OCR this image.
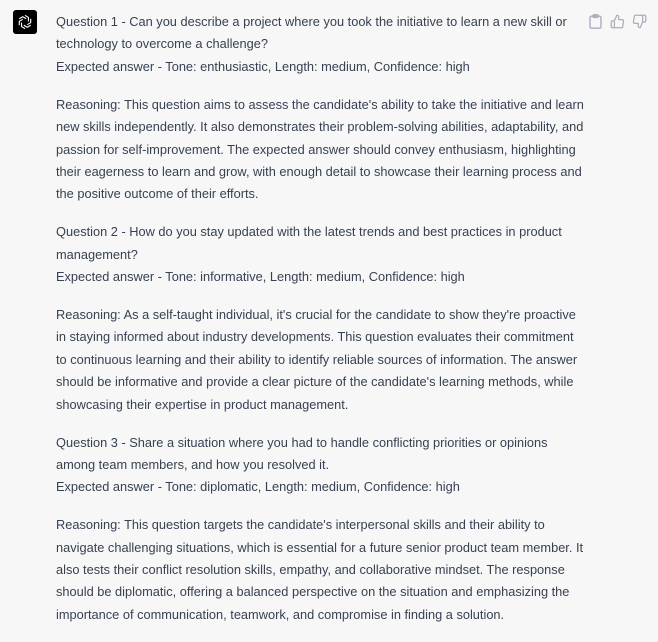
Question 1 - Can you describe a project where you took the initiative to learn a new skill or technology to overcome a challenge?
Expected answer - Tone: enthusiastic, Length: medium, Confidence: high

Reasoning: This question aims to assess the candidate's ability to take the initiative and learn new skills independently. It also demonstrates their problem-solving abilities, adaptability, and passion for self-improvement. The expected answer should convey enthusiasm, highlighting their eagerness to learn and grow, with enough detail to showcase their learning process and the positive outcome of their efforts.

Question 2 - How do you stay updated with the latest trends and best practices in product management?
Expected answer - Tone: informative, Length: medium, Confidence: high

Reasoning: As a self-taught individual, it's crucial for the candidate to show they're proactive in staying informed about industry developments. This question evaluates their commitment to continuous learning and their ability to identify reliable sources of information. The answer should be informative and provide a clear picture of the candidate's learning methods, while showcasing their expertise in product management.

Question 3 - Share a situation where you had to handle conflicting priorities or opinions among team members, and how you resolved it.
Expected answer - Tone: diplomatic, Length: medium, Confidence: high

Reasoning: This question targets the candidate's interpersonal skills and their ability to navigate challenging situations, which is essential for a future senior product team member. It also tests their conflict resolution skills, empathy, and collaborative mindset. The response should be diplomatic, offering a balanced perspective on the situation and emphasizing the importance of communication, teamwork, and compromise in finding a solution.
